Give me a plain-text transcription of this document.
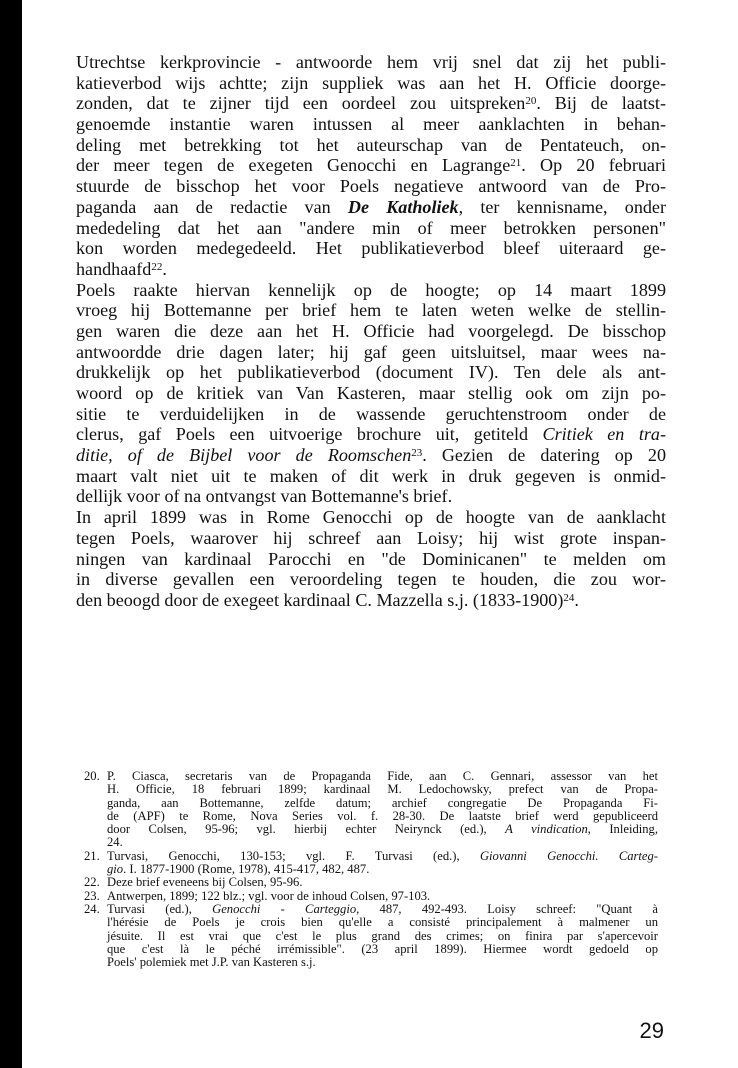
Utrechtse kerkprovincie - antwoorde hem vrij snel dat zij het publi-
katieverbod wijs achtte; zijn suppliek was aan het H. Officie doorge-
zonden, dat te zijner tijd een oordeel zou uitspreken$^{20}$. Bij de laatst-
genoemde instantie waren intussen al meer aanklachten in behan-
deling met betrekking tot het auteurschap van de Pentateuch, on-
der meer tegen de exegeten Genocchi en Lagrange$^{21}$. Op 20 februari
stuurde de bisschop het voor Poels negatieve antwoord van de Pro-
paganda aan de redactie van De Katholiek, ter kennisname, onder
mededeling dat het aan "andere min of meer betrokken personen"
kon worden medegedeeld. Het publikatieverbod bleef uiteraard ge-
handhaafd$^{22}$.
Poels raakte hiervan kennelijk op de hoogte; op 14 maart 1899
vroeg hij Bottemanne per brief hem te laten weten welke de stellin-
gen waren die deze aan het H. Officie had voorgelegd. De bisschop
antwoordde drie dagen later; hij gaf geen uitsluitsel, maar wees na-
drukkelijk op het publikatieverbod (document IV). Ten dele als ant-
woord op de kritiek van Van Kasteren, maar stellig ook om zijn po-
sitie te verduidelijken in de wassende geruchtenstroom onder de
clerus, gaf Poels een uitvoerige brochure uit, getiteld Critiek en tra-
ditie, of de Bijbel voor de Roomschen$^{23}$. Gezien de datering op 20
maart valt niet uit te maken of dit werk in druk gegeven is onmid-
dellijk voor of na ontvangst van Bottemanne's brief.
In april 1899 was in Rome Genocchi op de hoogte van de aanklacht
tegen Poels, waarover hij schreef aan Loisy; hij wist grote inspan-
ningen van kardinaal Parocchi en "de Dominicanen" te melden om
in diverse gevallen een veroordeling tegen te houden, die zou wor-
den beoogd door de exegeet kardinaal C. Mazzella s.j. (1833-1900)$^{24}$.
20. P. Ciasca, secretaris van de Propaganda Fide, aan C. Gennari, assessor van het
H. Officie, 18 februari 1899; kardinaal M. Ledochowsky, prefect van de Propa-
ganda, aan Bottemanne, zelfde datum; archief congregatie De Propaganda Fi-
de (APF) te Rome, Nova Series vol. f. 28-30. De laatste brief werd gepubliceerd
door Colsen, 95-96; vgl. hierbij echter Neirynck (ed.), A vindication, Inleiding,
24.
21. Turvasi, Genocchi, 130-153; vgl. F. Turvasi (ed.), Giovanni Genocchi. Carteg-
gio. I. 1877-1900 (Rome, 1978), 415-417, 482, 487.
22. Deze brief eveneens bij Colsen, 95-96.
23. Antwerpen, 1899; 122 blz.; vgl. voor de inhoud Colsen, 97-103.
24. Turvasi (ed.), Genocchi - Carteggio, 487, 492-493. Loisy schreef: "Quant à
l'hérésie de Poels je crois bien qu'elle a consisté principalement à malmener un
jésuite. Il est vrai que c'est le plus grand des crimes; on finira par s'apercevoir
que c'est là le péché irrémissible". (23 april 1899). Hiermee wordt gedoeld op
Poels' polemiek met J.P. van Kasteren s.j.
29
